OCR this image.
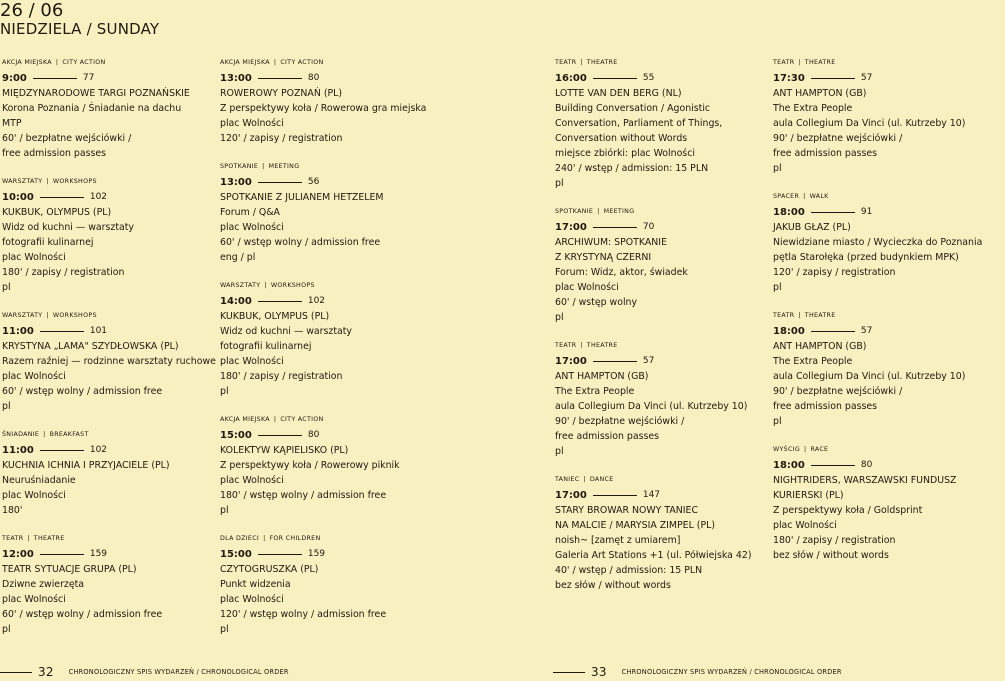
26 / 06
NIEDZIELA / SUNDAY
AKCJA MIEJSKA | CITY ACTION
9:00	77
MIĘDZYNARODOWE TARGI POZNAŃSKIE
Korona Poznania / Śniadanie na dachu
MTP
60' / bezpłatne wejściówki /
free admission passes
WARSZTATY | WORKSHOPS
10:00	102
KUKBUK, OLYMPUS (PL)
Widz od kuchni — warsztaty
fotografii kulinarnej
plac Wolności
180' / zapisy / registration
pl
WARSZTATY | WORKSHOPS
11:00	101
KRYSTYNA „LAMA" SZYDŁOWSKA (PL)
Razem raźniej — rodzinne warsztaty ruchowe
plac Wolności
60' / wstęp wolny / admission free
pl
ŚNIADANIE | BREAKFAST
11:00	102
KUCHNIA ICHNIA I PRZYJACIELE (PL)
Neuruśniadanie
plac Wolności
180'
TEATR | THEATRE
12:00	159
TEATR SYTUACJE GRUPA (PL)
Dziwne zwierzęta
plac Wolności
60' / wstęp wolny / admission free
pl
AKCJA MIEJSKA | CITY ACTION
13:00	80
ROWEROWY POZNAŃ (PL)
Z perspektywy koła / Rowerowa gra miejska
plac Wolności
120' / zapisy / registration
SPOTKANIE | MEETING
13:00	56
SPOTKANIE Z JULIANEM HETZELEM
Forum / Q&A
plac Wolności
60' / wstęp wolny / admission free
eng / pl
WARSZTATY | WORKSHOPS
14:00	102
KUKBUK, OLYMPUS (PL)
Widz od kuchni — warsztaty
fotografii kulinarnej
plac Wolności
180' / zapisy / registration
pl
AKCJA MIEJSKA | CITY ACTION
15:00	80
KOLEKTYW KĄPIELISKO (PL)
Z perspektywy koła / Rowerowy piknik
plac Wolności
180' / wstęp wolny / admission free
pl
DLA DZIECI | FOR CHILDREN
15:00	159
CZYTOGRUSZKA (PL)
Punkt widzenia
plac Wolności
120' / wstęp wolny / admission free
pl
TEATR | THEATRE
16:00	55
LOTTE VAN DEN BERG (NL)
Building Conversation / Agonistic
Conversation, Parliament of Things,
Conversation without Words
miejsce zbiórki: plac Wolności
240' / wstęp / admission: 15 PLN
pl
SPOTKANIE | MEETING
17:00	70
ARCHIWUM: SPOTKANIE
Z KRYSTYNĄ CZERNI
Forum: Widz, aktor, świadek
plac Wolności
60' / wstęp wolny
pl
TEATR | THEATRE
17:00	57
ANT HAMPTON (GB)
The Extra People
aula Collegium Da Vinci (ul. Kutrzeby 10)
90' / bezpłatne wejściówki /
free admission passes
pl
TANIEC | DANCE
17:00	147
STARY BROWAR NOWY TANIEC
NA MALCIE / MARYSIA ZIMPEL (PL)
noish~ [zamęt z umiarem]
Galeria Art Stations +1 (ul. Półwiejska 42)
40' / wstęp / admission: 15 PLN
bez słów / without words
TEATR | THEATRE
17:30	57
ANT HAMPTON (GB)
The Extra People
aula Collegium Da Vinci (ul. Kutrzeby 10)
90' / bezpłatne wejściówki /
free admission passes
pl
SPACER | WALK
18:00	91
JAKUB GŁAZ (PL)
Niewidziane miasto / Wycieczka do Poznania
pętla Starołęka (przed budynkiem MPK)
120' / zapisy / registration
pl
TEATR | THEATRE
18:00	57
ANT HAMPTON (GB)
The Extra People
aula Collegium Da Vinci (ul. Kutrzeby 10)
90' / bezpłatne wejściówki /
free admission passes
pl
WYŚCIG | RACE
18:00	80
NIGHTRIDERS, WARSZAWSKI FUNDUSZ
KURIERSKI (PL)
Z perspektywy koła / Goldsprint
plac Wolności
180' / zapisy / registration
bez słów / without words
32 CHRONOLOGICZNY SPIS WYDARZEŃ / CHRONOLOGICAL ORDER	33 CHRONOLOGICZNY SPIS WYDARZEŃ / CHRONOLOGICAL ORDER
